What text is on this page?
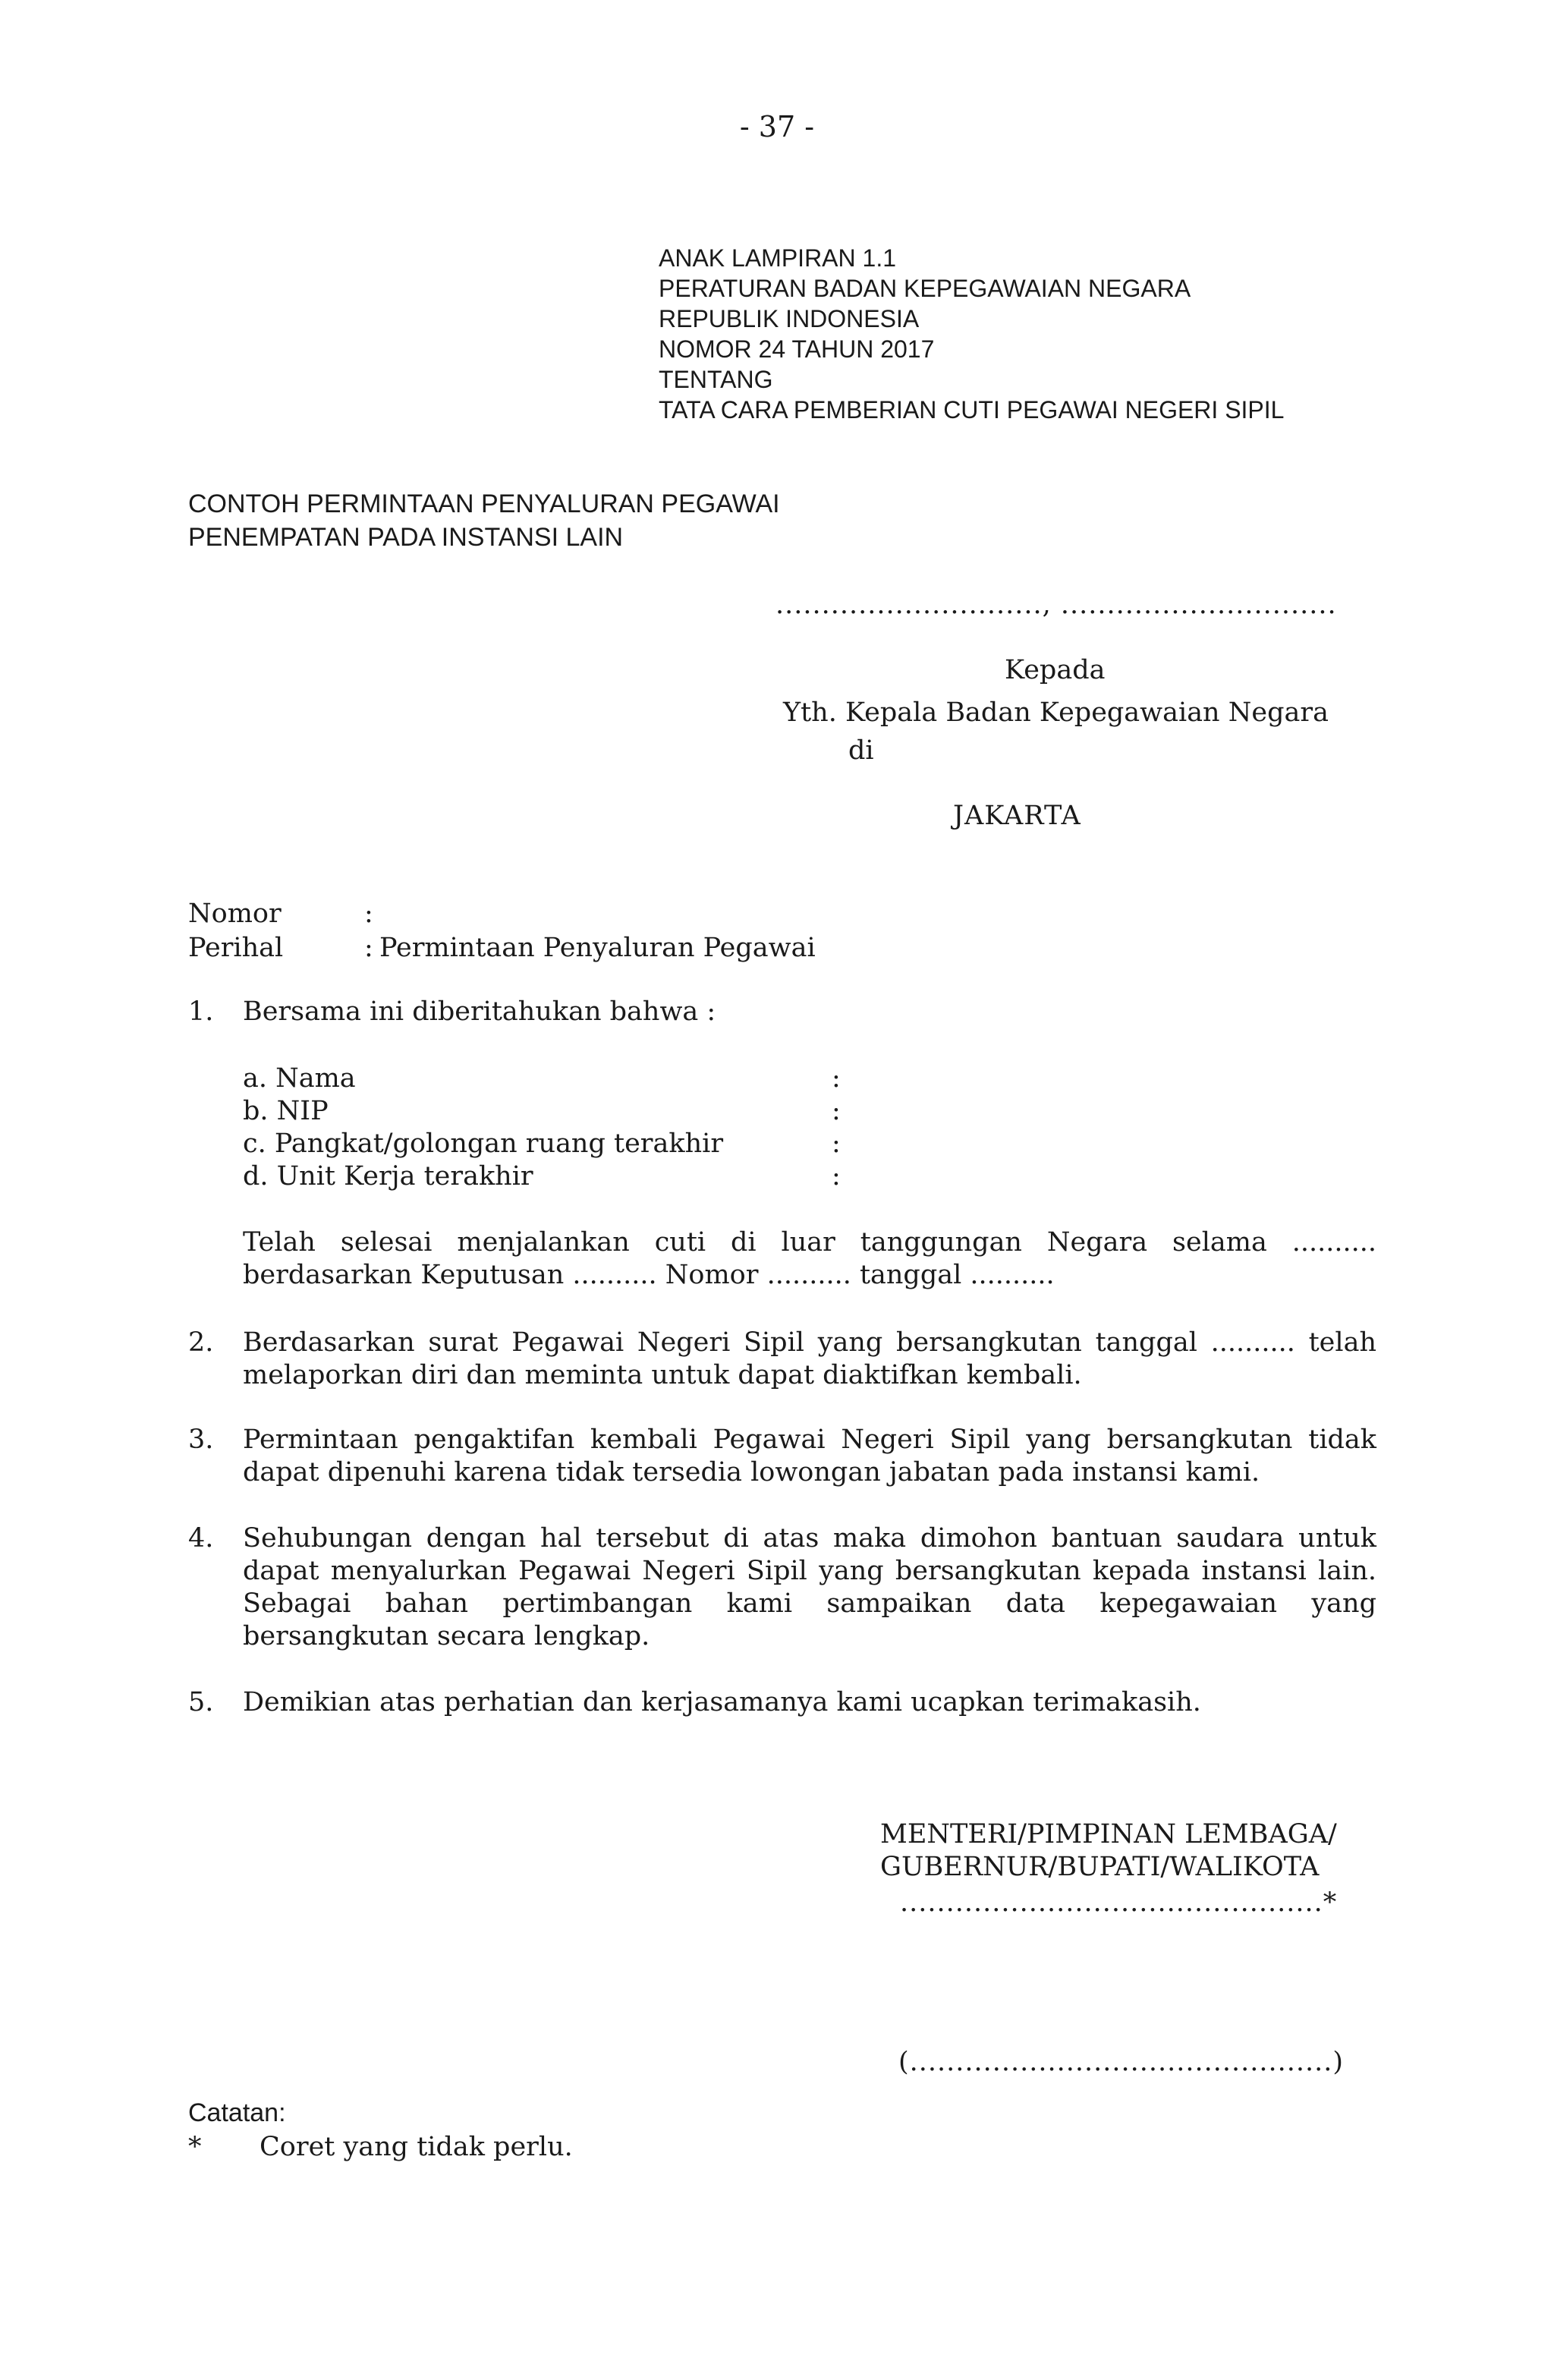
- 37 -
ANAK LAMPIRAN 1.1
PERATURAN BADAN KEPEGAWAIAN NEGARA
REPUBLIK INDONESIA
NOMOR 24 TAHUN 2017
TENTANG
TATA CARA PEMBERIAN CUTI PEGAWAI NEGERI SIPIL
CONTOH PERMINTAAN PENYALURAN PEGAWAI
PENEMPATAN PADA INSTANSI LAIN
............................., ..............................
Kepada
Yth. Kepala Badan Kepegawaian Negara
di
JAKARTA
Nomor	:
Perihal	: Permintaan Penyaluran Pegawai
1. Bersama ini diberitahukan bahwa :
a. Nama	:
b. NIP	:
c. Pangkat/golongan ruang terakhir	:
d. Unit Kerja terakhir	:
Telah selesai menjalankan cuti di luar tanggungan Negara selama ..........
berdasarkan Keputusan .......... Nomor .......... tanggal ..........
2. Berdasarkan surat Pegawai Negeri Sipil yang bersangkutan tanggal .......... telah
melaporkan diri dan meminta untuk dapat diaktifkan kembali.
3. Permintaan pengaktifan kembali Pegawai Negeri Sipil yang bersangkutan tidak
dapat dipenuhi karena tidak tersedia lowongan jabatan pada instansi kami.
4. Sehubungan dengan hal tersebut di atas maka dimohon bantuan saudara untuk
dapat menyalurkan Pegawai Negeri Sipil yang bersangkutan kepada instansi lain.
Sebagai bahan pertimbangan kami sampaikan data kepegawaian yang
bersangkutan secara lengkap.
5. Demikian atas perhatian dan kerjasamanya kami ucapkan terimakasih.
MENTERI/PIMPINAN LEMBAGA/
GUBERNUR/BUPATI/WALIKOTA
..............................................*
(..............................................)
Catatan:
* Coret yang tidak perlu.
